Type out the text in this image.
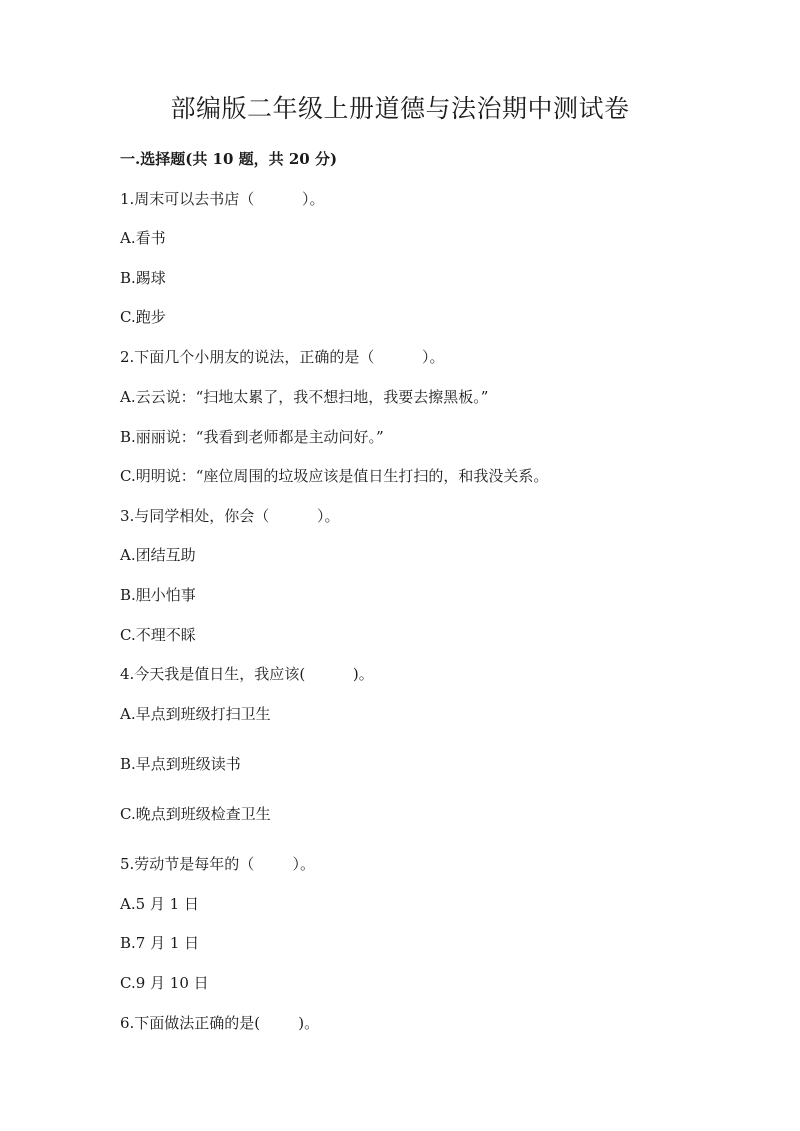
部编版二年级上册道德与法治期中测试卷
一.选择题(共 10 题，共 20 分)
1.周末可以去书店（          ）。
A.看书
B.踢球
C.跑步
2.下面几个小朋友的说法，正确的是（          ）。
A.云云说：“扫地太累了，我不想扫地，我要去擦黑板。”
B.丽丽说：“我看到老师都是主动问好。”
C.明明说：“座位周围的垃圾应该是值日生打扫的，和我没关系。
3.与同学相处，你会（          ）。
A.团结互助
B.胆小怕事
C.不理不睬
4.今天我是值日生，我应该(          )。
A.早点到班级打扫卫生
B.早点到班级读书
C.晚点到班级检查卫生
5.劳动节是每年的（        ）。
A.5 月 1 日
B.7 月 1 日
C.9 月 10 日
6.下面做法正确的是(        )。
